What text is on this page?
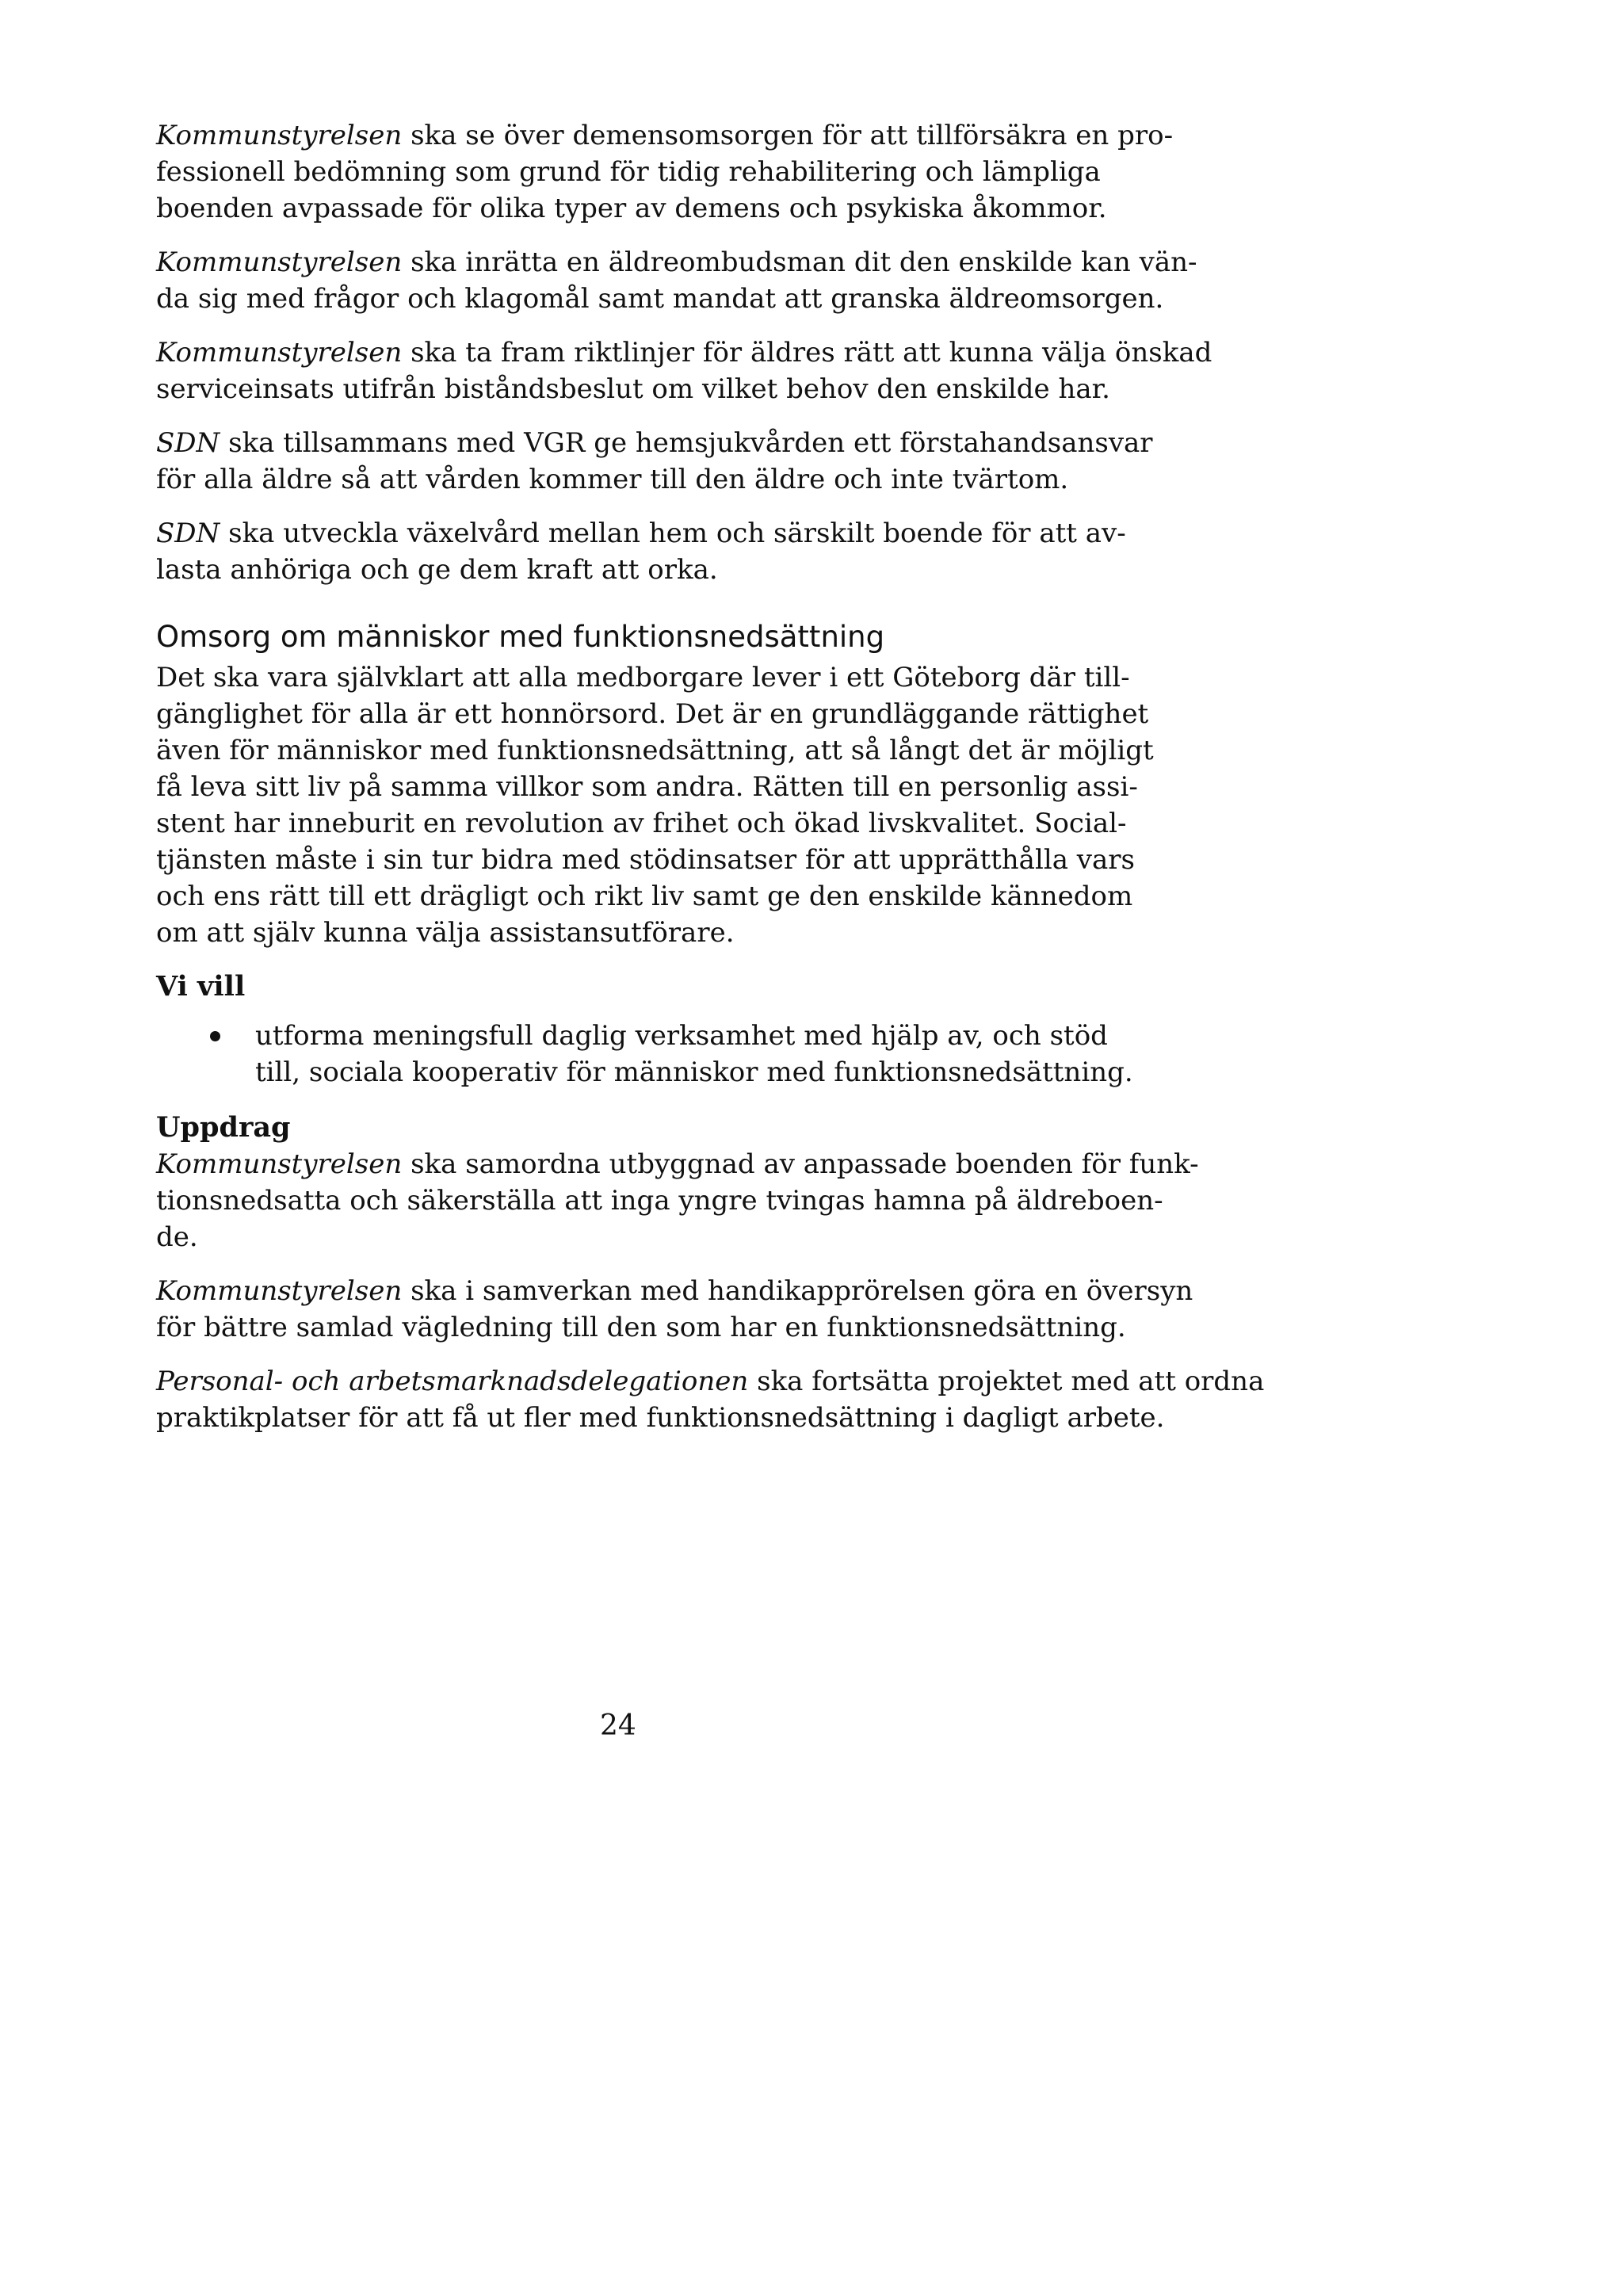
Kommunstyrelsen ska se över demensomsorgen för att tillförsäkra en pro-
fessionell bedömning som grund för tidig rehabilitering och lämpliga
boenden avpassade för olika typer av demens och psykiska åkommor.

Kommunstyrelsen ska inrätta en äldreombudsman dit den enskilde kan vän-
da sig med frågor och klagomål samt mandat att granska äldreomsorgen.

Kommunstyrelsen ska ta fram riktlinjer för äldres rätt att kunna välja önskad
serviceinsats utifrån biståndsbeslut om vilket behov den enskilde har.

SDN ska tillsammans med VGR ge hemsjukvården ett förstahandsansvar
för alla äldre så att vården kommer till den äldre och inte tvärtom.

SDN ska utveckla växelvård mellan hem och särskilt boende för att av-
lasta anhöriga och ge dem kraft att orka.

Omsorg om människor med funktionsnedsättning

Det ska vara självklart att alla medborgare lever i ett Göteborg där till-
gänglighet för alla är ett honnörsord. Det är en grundläggande rättighet
även för människor med funktionsnedsättning, att så långt det är möjligt
få leva sitt liv på samma villkor som andra. Rätten till en personlig assi-
stent har inneburit en revolution av frihet och ökad livskvalitet. Social-
tjänsten måste i sin tur bidra med stödinsatser för att upprätthålla vars
och ens rätt till ett drägligt och rikt liv samt ge den enskilde kännedom
om att själv kunna välja assistansutförare.

Vi vill
utforma meningsfull daglig verksamhet med hjälp av, och stöd
till, sociala kooperativ för människor med funktionsnedsättning.
Uppdrag

Kommunstyrelsen ska samordna utbyggnad av anpassade boenden för funk-
tionsnedsatta och säkerställa att inga yngre tvingas hamna på äldreboen-
de.

Kommunstyrelsen ska i samverkan med handikapprörelsen göra en översyn
för bättre samlad vägledning till den som har en funktionsnedsättning.

Personal- och arbetsmarknadsdelegationen ska fortsätta projektet med att ordna
praktikplatser för att få ut fler med funktionsnedsättning i dagligt arbete.

24
